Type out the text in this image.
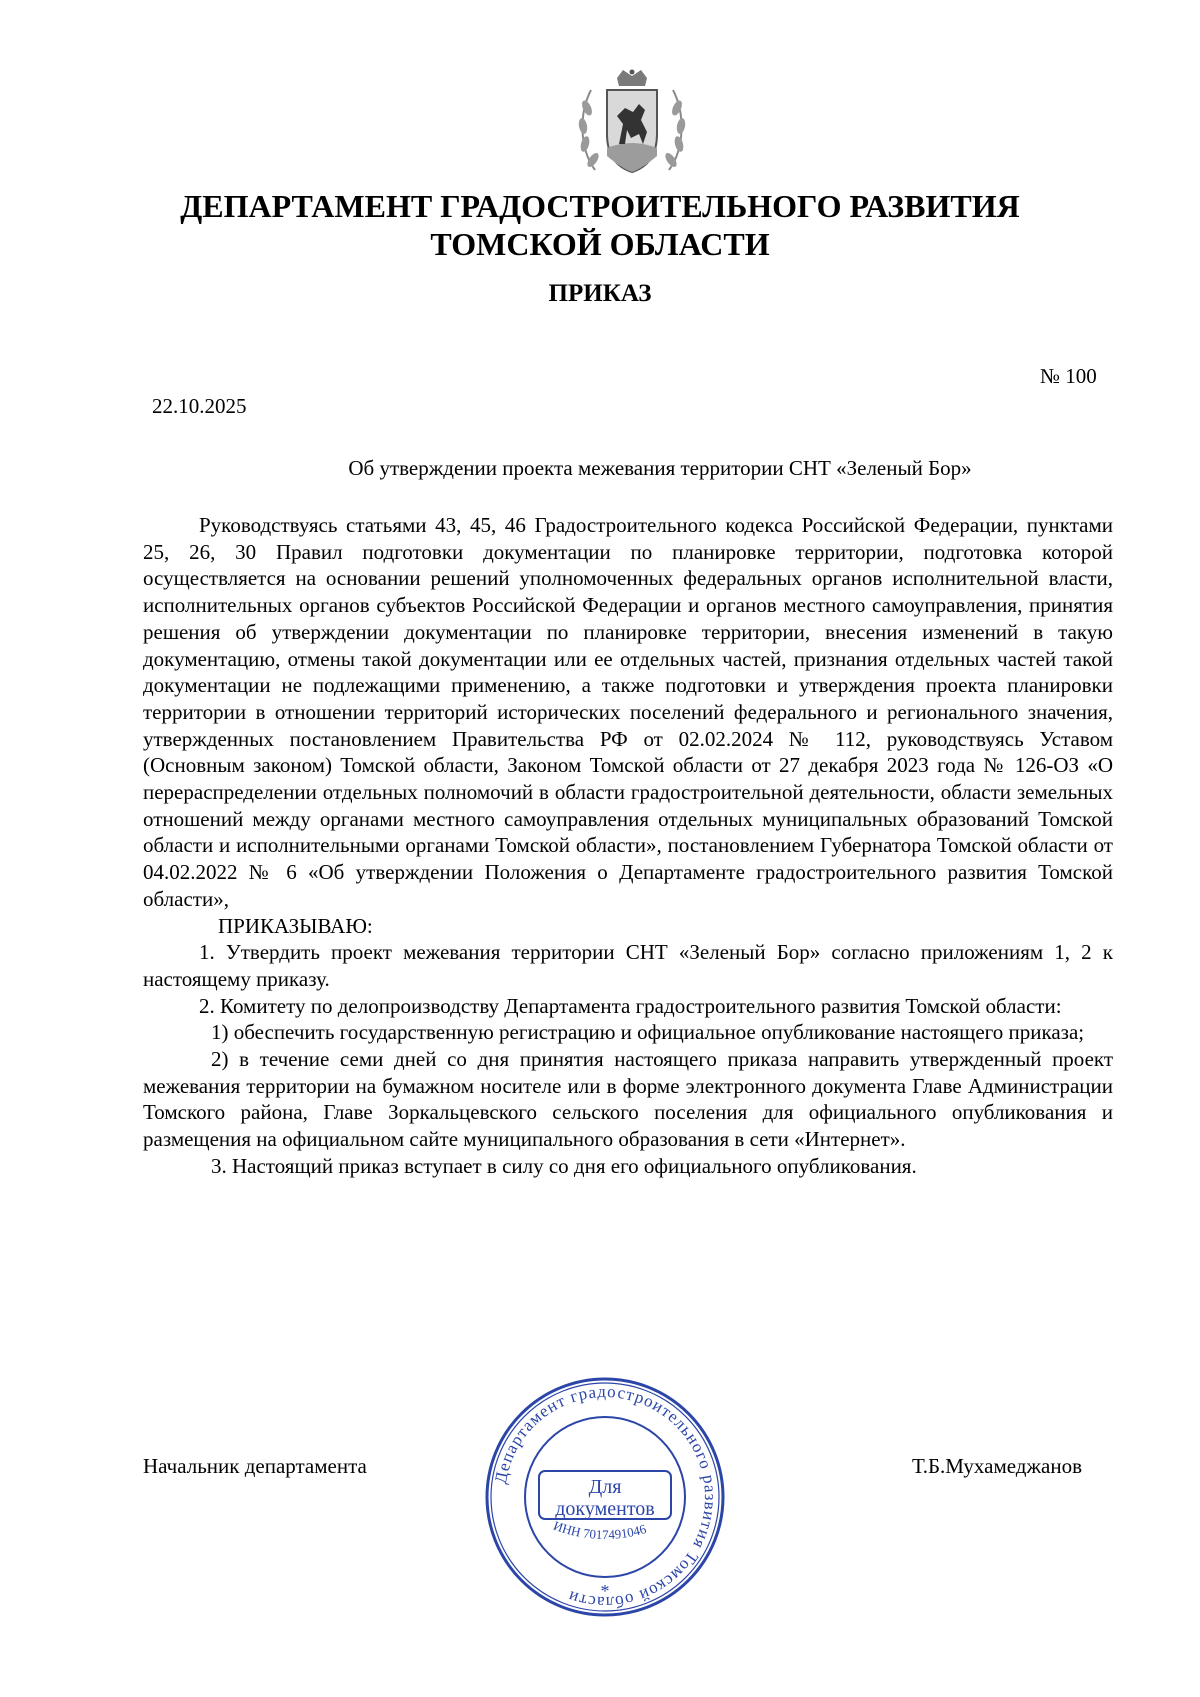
ДЕПАРТАМЕНТ ГРАДОСТРОИТЕЛЬНОГО РАЗВИТИЯ
ТОМСКОЙ ОБЛАСТИ
ПРИКАЗ
22.10.2025
№ 100
Об утверждении проекта межевания территории СНТ «Зеленый Бор»

Руководствуясь статьями 43, 45, 46 Градостроительного кодекса Российской Федерации, пунктами 25, 26, 30 Правил подготовки документации по планировке территории, подготовка которой осуществляется на основании решений уполномоченных федеральных органов исполнительной власти, исполнительных органов субъектов Российской Федерации и органов местного самоуправления, принятия решения об утверждении документации по планировке территории, внесения изменений в такую документацию, отмены такой документации или ее отдельных частей, признания отдельных частей такой документации не подлежащими применению, а также подготовки и утверждения проекта планировки территории в отношении территорий исторических поселений федерального и регионального значения, утвержденных постановлением Правительства РФ от 02.02.2024 № 112, руководствуясь Уставом (Основным законом) Томской области, Законом Томской области от 27 декабря 2023 года № 126-ОЗ «О перераспределении отдельных полномочий в области градостроительной деятельности, области земельных отношений между органами местного самоуправления отдельных муниципальных образований Томской области и исполнительными органами Томской области», постановлением Губернатора Томской области от 04.02.2022 № 6 «Об утверждении Положения о Департаменте градостроительного развития Томской области»,

ПРИКАЗЫВАЮ:

1. Утвердить проект межевания территории СНТ «Зеленый Бор» согласно приложениям 1, 2 к настоящему приказу.

2. Комитету по делопроизводству Департамента градостроительного развития Томской области:

1) обеспечить государственную регистрацию и официальное опубликование настоящего приказа;

2) в течение семи дней со дня принятия настоящего приказа направить утвержденный проект межевания территории на бумажном носителе или в форме электронного документа Главе Администрации Томского района, Главе Зоркальцевского сельского поселения для официального опубликования и размещения на официальном сайте муниципального образования в сети «Интернет».

3. Настоящий приказ вступает в силу со дня его официального опубликования.

Начальник департамента	Т.Б.Мухамеджанов
Департамент градостроительного развития Томской области
Для
документов
ИНН 7017491046
*
